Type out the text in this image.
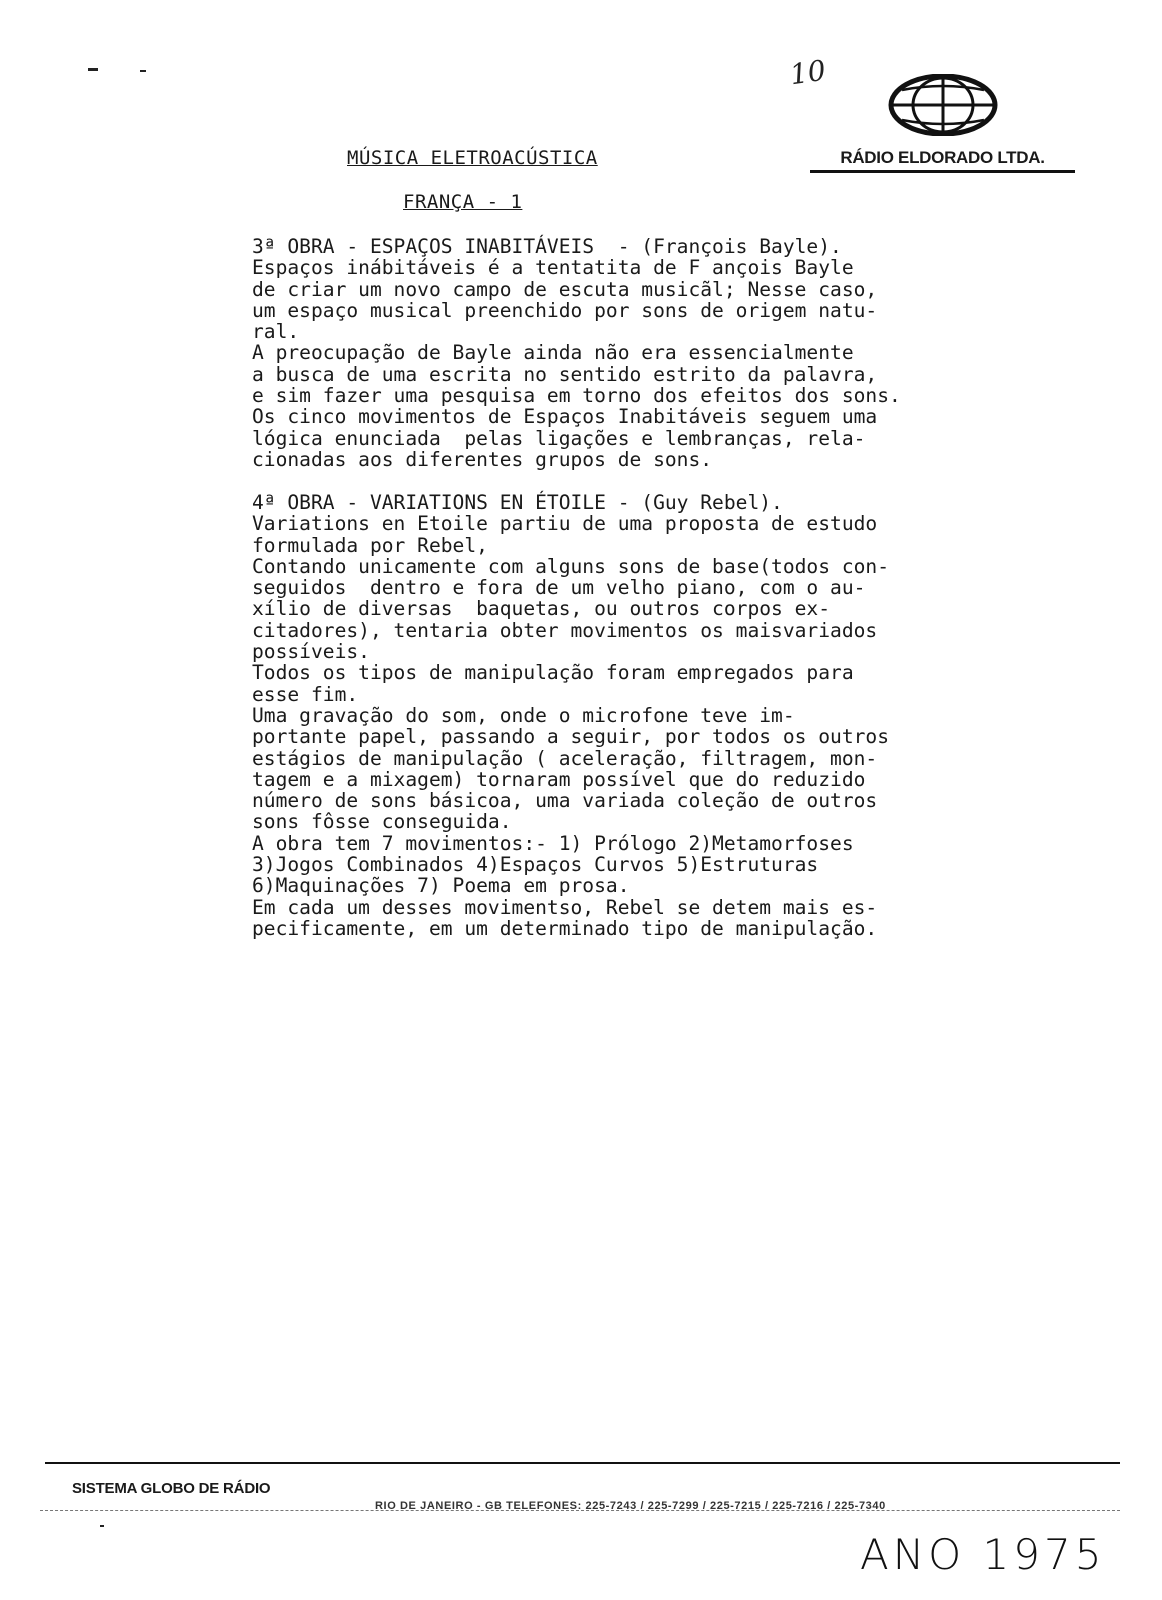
10
RÁDIO ELDORADO LTDA.
MÚSICA ELETROACÚSTICA
FRANÇA - 1
3ª OBRA - ESPAÇOS INABITÁVEIS  - (François Bayle).
Espaços inábitáveis é a tentatita de F ançois Bayle
de criar um novo campo de escuta musicãl; Nesse caso,
um espaço musical preenchido por sons de origem natu-
ral.
A preocupação de Bayle ainda não era essencialmente
a busca de uma escrita no sentido estrito da palavra,
e sim fazer uma pesquisa em torno dos efeitos dos sons.
Os cinco movimentos de Espaços Inabitáveis seguem uma
lógica enunciada  pelas ligações e lembranças, rela-
cionadas aos diferentes grupos de sons.
4ª OBRA - VARIATIONS EN ÉTOILE - (Guy Rebel).
Variations en Etoile partiu de uma proposta de estudo
formulada por Rebel,
Contando unicamente com alguns sons de base(todos con-
seguidos  dentro e fora de um velho piano, com o au-
xílio de diversas  baquetas, ou outros corpos ex-
citadores), tentaria obter movimentos os maisvariados
possíveis.
Todos os tipos de manipulação foram empregados para
esse fim.
Uma gravação do som, onde o microfone teve im-
portante papel, passando a seguir, por todos os outros
estágios de manipulação ( aceleração, filtragem, mon-
tagem e a mixagem) tornaram possível que do reduzido
número de sons básicoa, uma variada coleção de outros
sons fôsse conseguida.
A obra tem 7 movimentos:- 1) Prólogo 2)Metamorfoses
3)Jogos Combinados 4)Espaços Curvos 5)Estruturas
6)Maquinações 7) Poema em prosa.
Em cada um desses movimentso, Rebel se detem mais es-
pecificamente, em um determinado tipo de manipulação.
SISTEMA GLOBO DE RÁDIO
RIO DE JANEIRO - GB TELEFONES: 225-7243 / 225-7299 / 225-7215 / 225-7216 / 225-7340
ANO 1975
